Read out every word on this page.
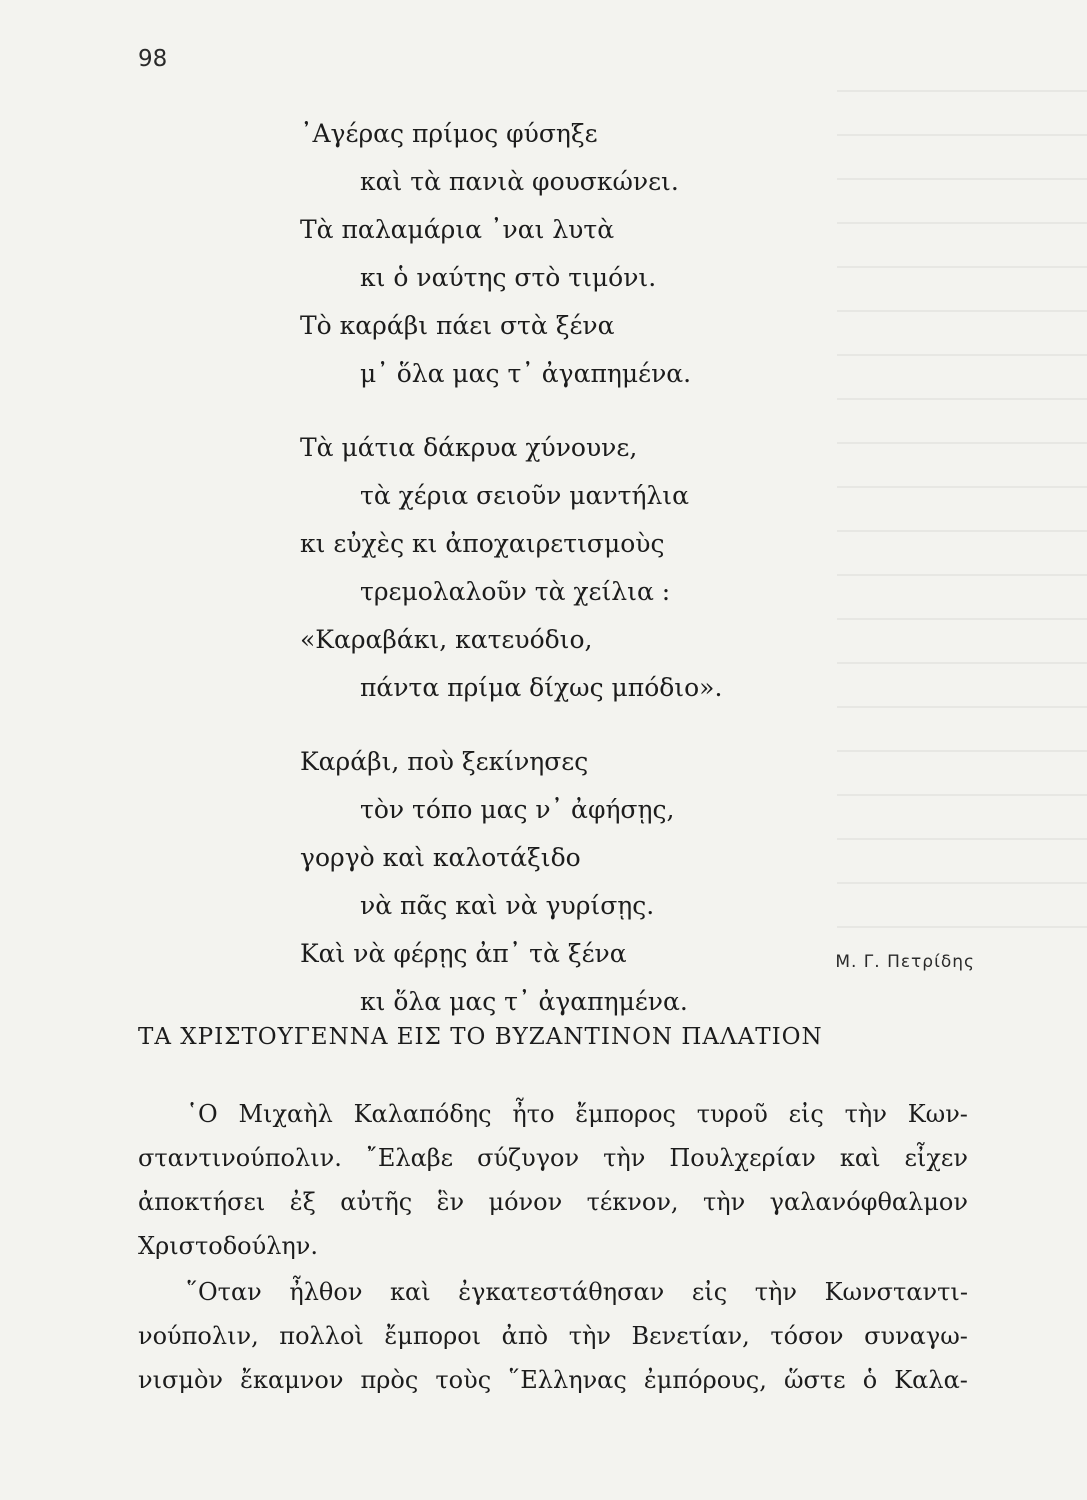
98
᾿Αγέρας πρίμος φύσηξε
καὶ τὰ πανιὰ φουσκώνει.
Τὰ παλαμάρια ᾿ναι λυτὰ
κι ὁ ναύτης στὸ τιμόνι.
Τὸ καράβι πάει στὰ ξένα
μ᾿ ὅλα μας τ᾿ ἀγαπημένα.
Τὰ μάτια δάκρυα χύνουνε,
τὰ χέρια σειοῦν μαντήλια
κι εὐχὲς κι ἀποχαιρετισμοὺς
τρεμολαλοῦν τὰ χείλια :
«Καραβάκι, κατευόδιο,
πάντα πρίμα δίχως μπόδιο».
Καράβι, ποὺ ξεκίνησες
τὸν τόπο μας ν᾿ ἀφήσῃς,
γοργὸ καὶ καλοτάξιδο
νὰ πᾶς καὶ νὰ γυρίσῃς.
Καὶ νὰ φέρῃς ἀπ᾿ τὰ ξένα
κι ὅλα μας τ᾿ ἀγαπημένα.
Μ. Γ. Πετρίδης
ΤΑ ΧΡΙΣΤΟΥΓΕΝΝΑ ΕΙΣ ΤΟ ΒΥΖΑΝΤΙΝΟΝ ΠΑΛΑΤΙΟΝ
῾Ο Μιχαὴλ Καλαπόδης ἦτο ἔμπορος τυροῦ εἰς τὴν Κων-
σταντινούπολιν. ῎Ελαβε σύζυγον τὴν Πουλχερίαν καὶ εἶχεν
ἀποκτήσει ἐξ αὐτῆς ἓν μόνον τέκνον, τὴν γαλανόφθαλμον
Χριστοδούλην.
῞Οταν ἦλθον καὶ ἐγκατεστάθησαν εἰς τὴν Κωνσταντι-
νούπολιν, πολλοὶ ἔμποροι ἀπὸ τὴν Βενετίαν, τόσον συναγω-
νισμὸν ἔκαμνον πρὸς τοὺς ῞Ελληνας ἐμπόρους, ὥστε ὁ Καλα-
